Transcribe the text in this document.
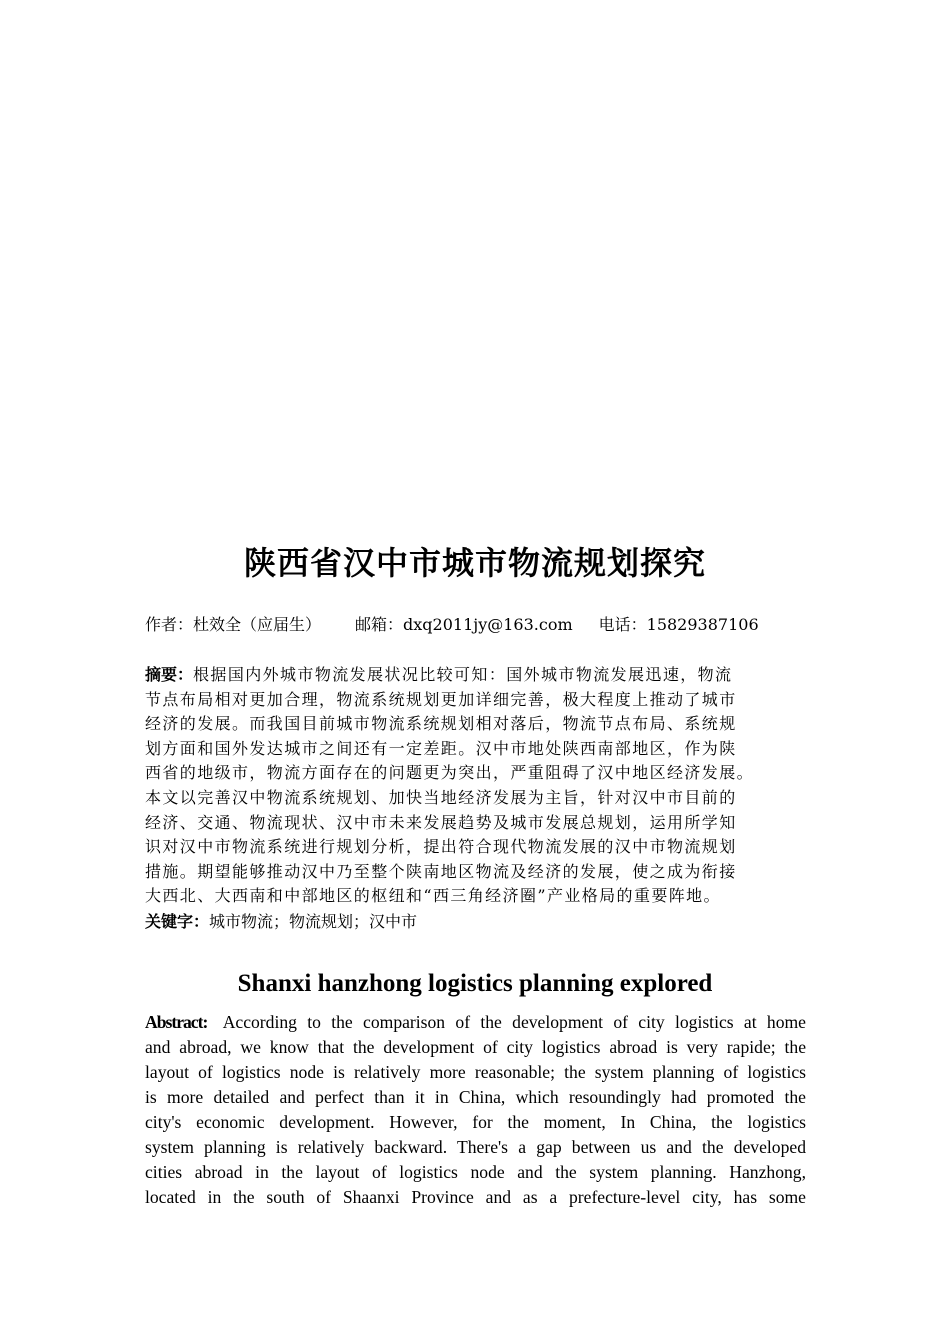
陕西省汉中市城市物流规划探究
作者：杜效全（应届生） 邮箱：dxq2011jy@163.com 电话：15829387106
摘要：根据国内外城市物流发展状况比较可知：国外城市物流发展迅速，物流
节点布局相对更加合理，物流系统规划更加详细完善，极大程度上推动了城市
经济的发展。而我国目前城市物流系统规划相对落后，物流节点布局、系统规
划方面和国外发达城市之间还有一定差距。汉中市地处陕西南部地区，作为陕
西省的地级市，物流方面存在的问题更为突出，严重阻碍了汉中地区经济发展。
本文以完善汉中物流系统规划、加快当地经济发展为主旨，针对汉中市目前的
经济、交通、物流现状、汉中市未来发展趋势及城市发展总规划，运用所学知
识对汉中市物流系统进行规划分析，提出符合现代物流发展的汉中市物流规划
措施。期望能够推动汉中乃至整个陕南地区物流及经济的发展，使之成为衔接
大西北、大西南和中部地区的枢纽和“西三角经济圈”产业格局的重要阵地。
关键字：城市物流；物流规划；汉中市
Shanxi hanzhong logistics planning explored
Abstract: According to the comparison of the development of city logistics at home
and abroad, we know that the development of city logistics abroad is very rapide; the
layout of logistics node is relatively more reasonable; the system planning of logistics
is more detailed and perfect than it in China, which resoundingly had promoted the
city's economic development. However, for the moment, In China, the logistics
system planning is relatively backward. There's a gap between us and the developed
cities abroad in the layout of logistics node and the system planning. Hanzhong,
located in the south of Shaanxi Province and as a prefecture-level city, has some
